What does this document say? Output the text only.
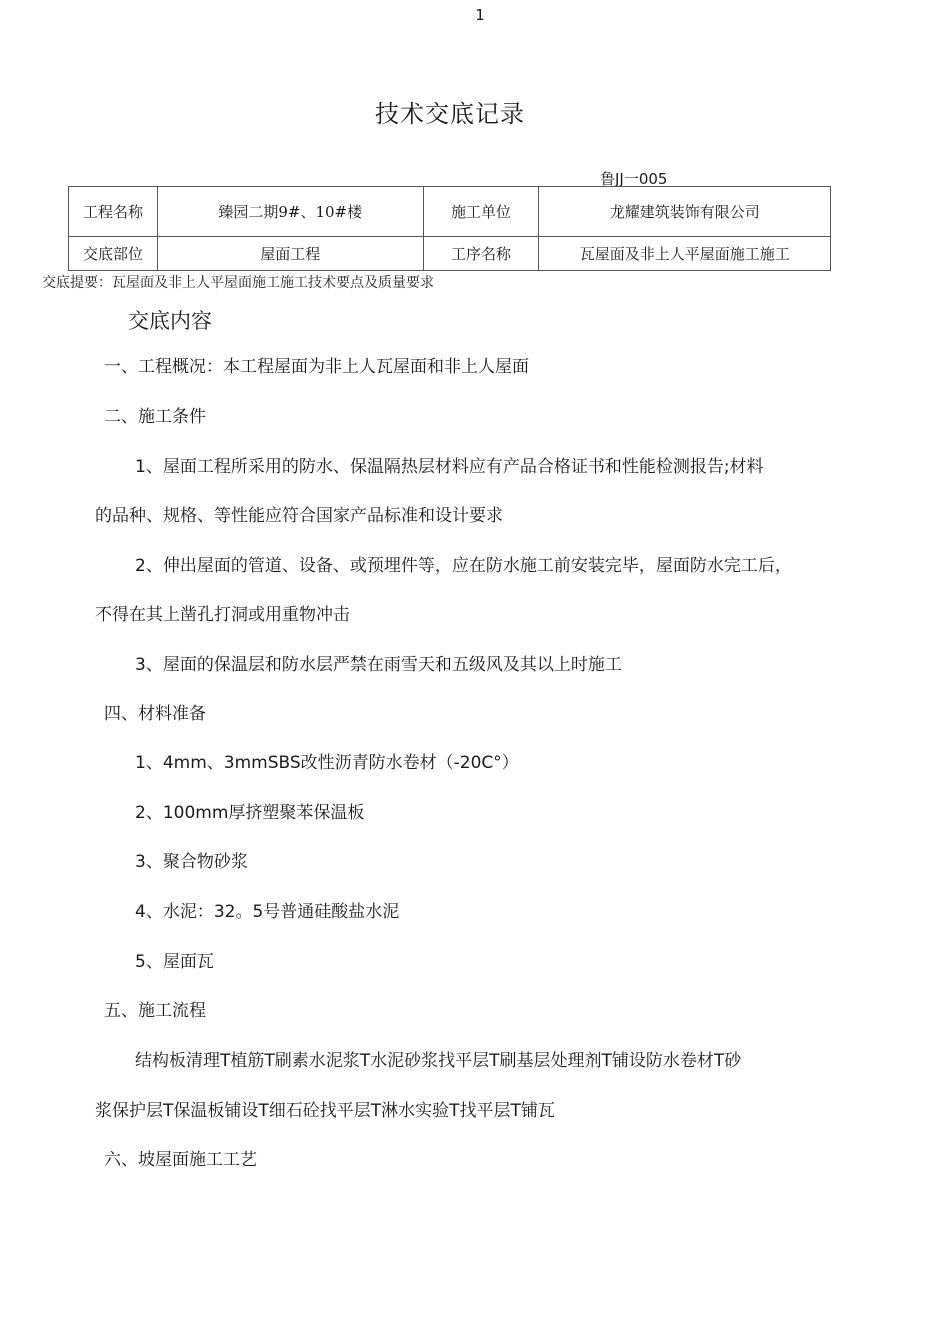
1
技术交底记录
鲁JJ一005
工程名称	臻园二期9#、10#楼	施工单位	龙耀建筑装饰有限公司
交底部位	屋面工程	工序名称	瓦屋面及非上人平屋面施工施工
交底提要：瓦屋面及非上人平屋面施工施工技术要点及质量要求
交底内容
一、工程概况：本工程屋面为非上人瓦屋面和非上人屋面
二、施工条件
1、屋面工程所采用的防水、保温隔热层材料应有产品合格证书和性能检测报告;材料
的品种、规格、等性能应符合国家产品标准和设计要求
2、伸出屋面的管道、设备、或预埋件等，应在防水施工前安装完毕，屋面防水完工后，
不得在其上凿孔打洞或用重物冲击
3、屋面的保温层和防水层严禁在雨雪天和五级风及其以上时施工
四、材料准备
1、4mm、3mmSBS改性沥青防水卷材（-20C°）
2、100mm厚挤塑聚苯保温板
3、聚合物砂浆
4、水泥：32。5号普通硅酸盐水泥
5、屋面瓦
五、施工流程
结构板清理T植筋T刷素水泥浆T水泥砂浆找平层T刷基层处理剂T铺设防水卷材T砂
浆保护层T保温板铺设T细石砼找平层T淋水实验T找平层T铺瓦
六、坡屋面施工工艺
